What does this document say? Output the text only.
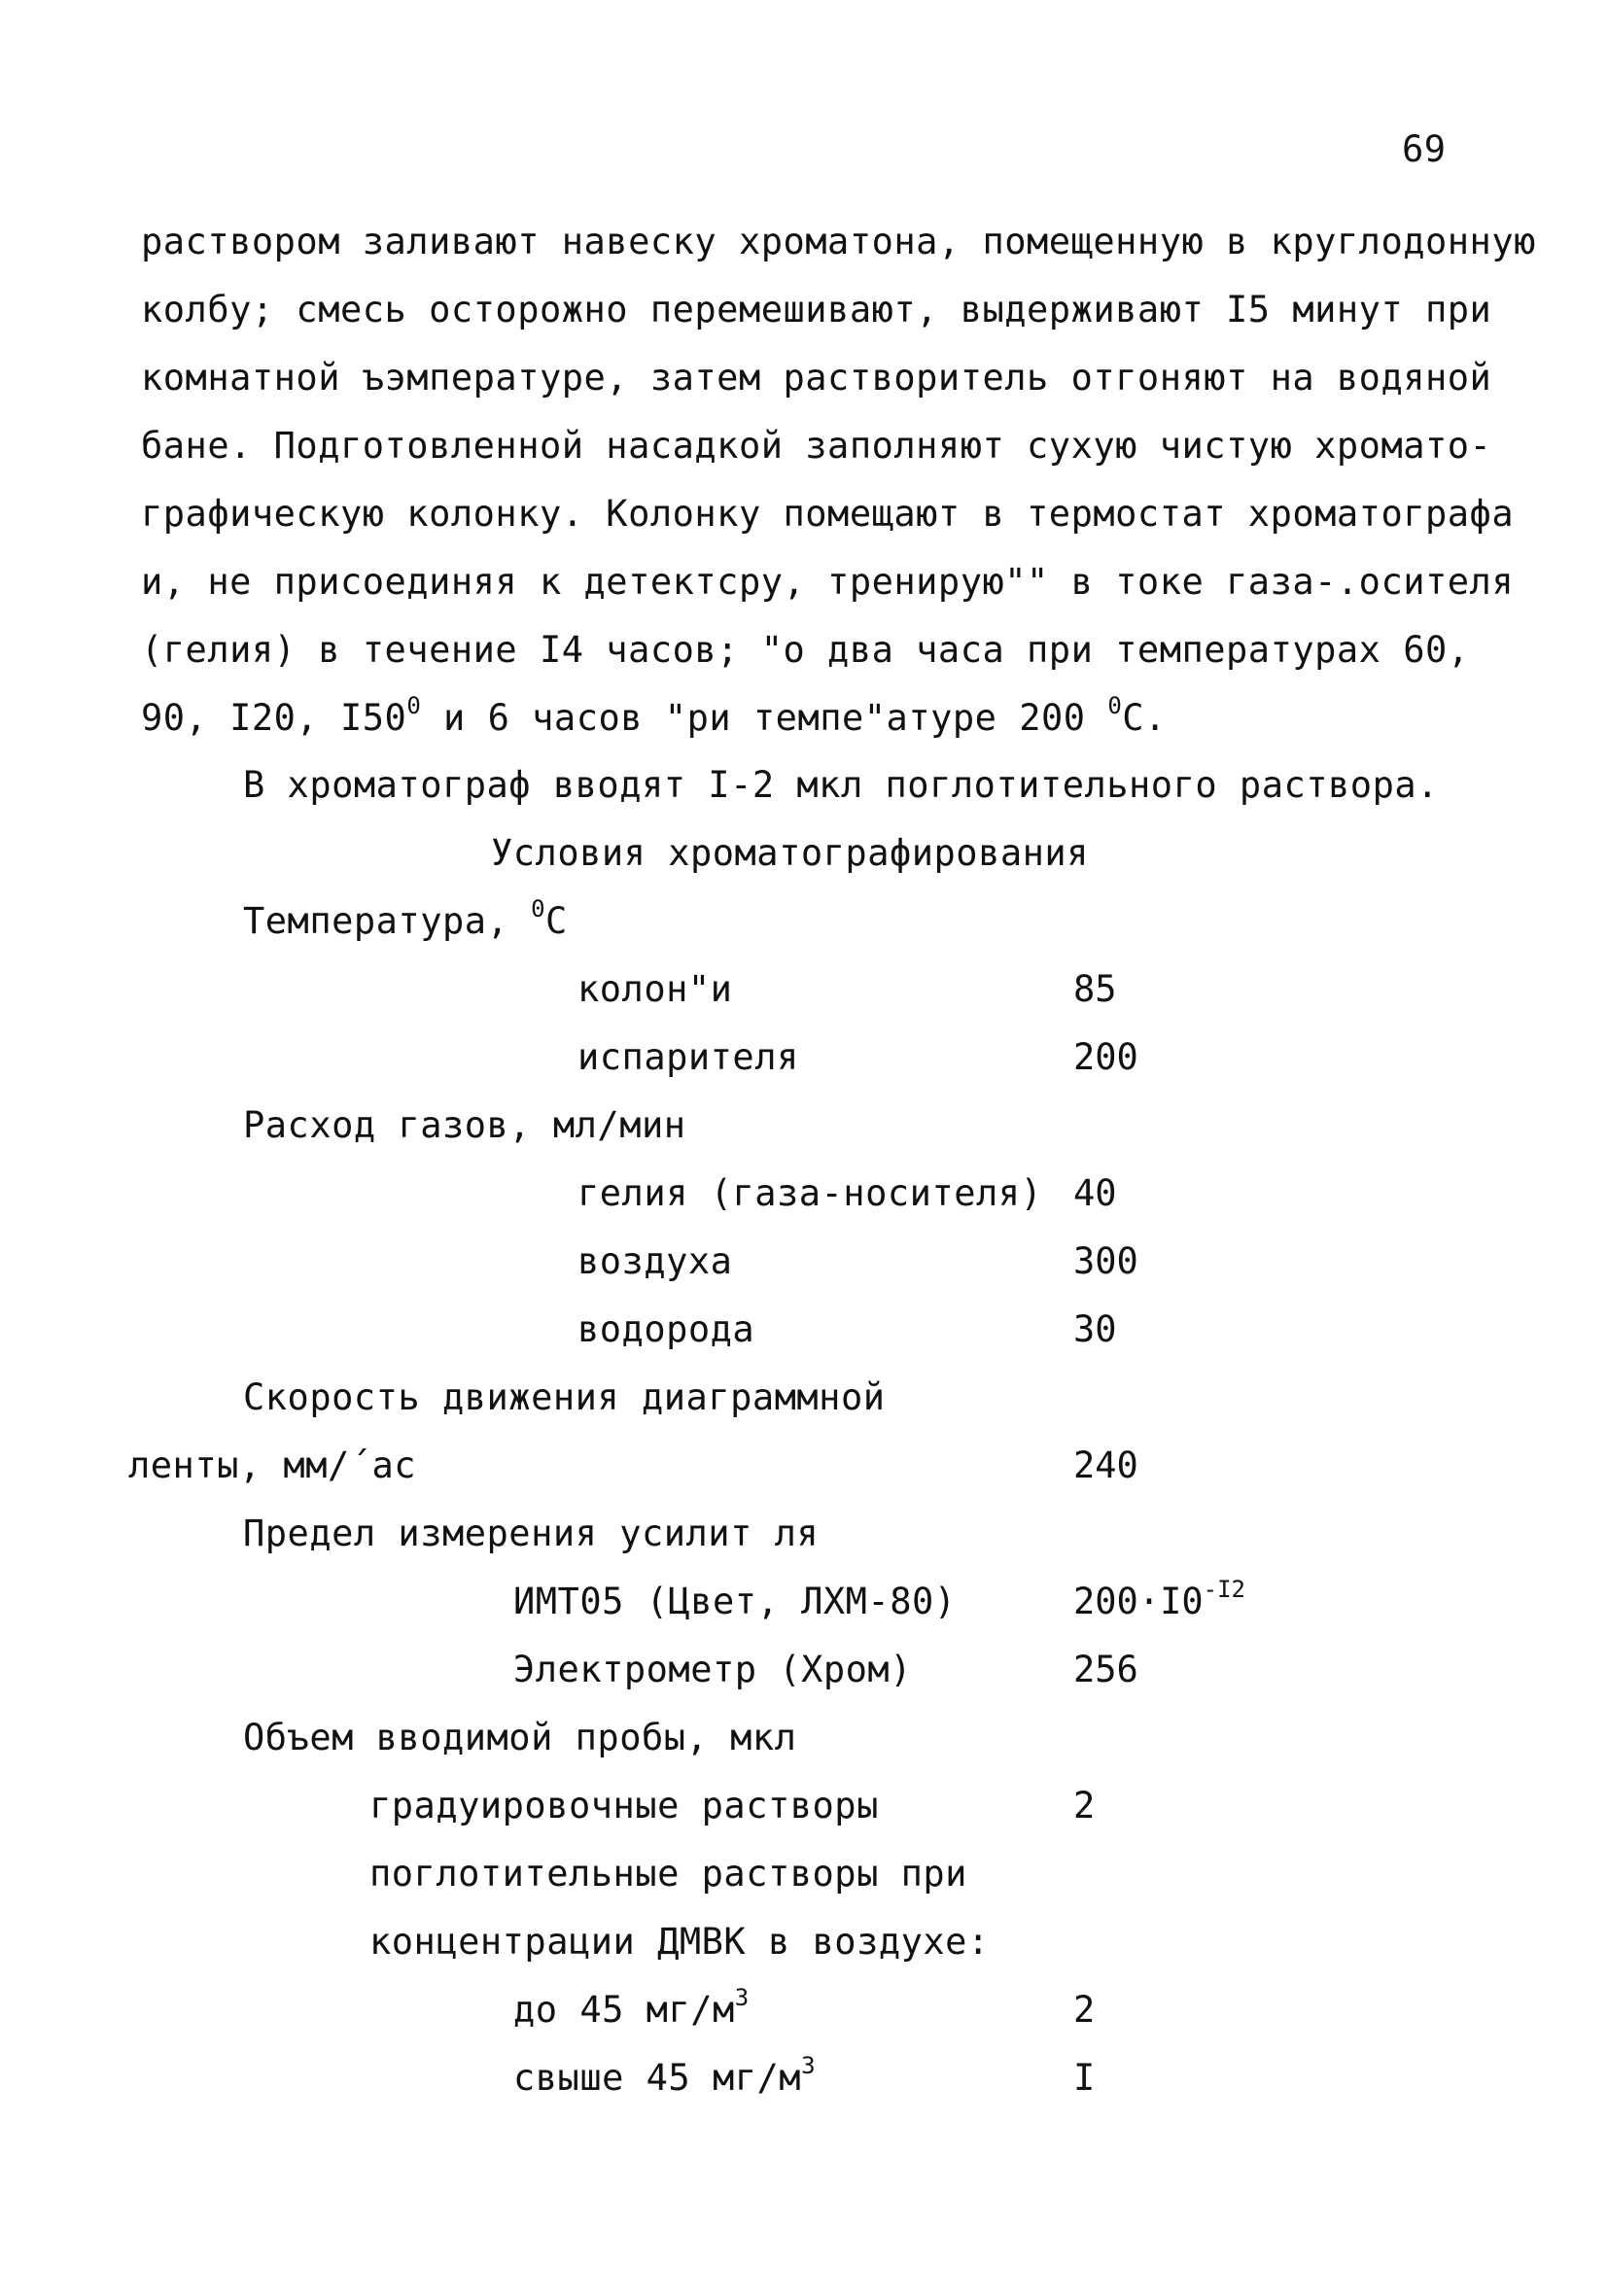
69
раствором заливают навеску хроматона, помещенную в круглодонную
колбу; смесь осторожно перемешивают, выдерживают I5 минут при
комнатной ъэмпературе, затем растворитель отгоняют на водяной
бане. Подготовленной насадкой заполняют сухую чистую хромато-
графическую колонку. Колонку помещают в термостат хроматографа
и, не присоединяя к детектсру, тренирую"" в токе газа-.осителя
(гелия) в течение I4 часов; "о два часа при температурах 60,
90, I20, $I50^0$ и 6 часов "ри темпе"атуре 200 $^0$С.
В хроматограф вводят I-2 мкл поглотительного раствора.
Условия хроматографирования
Температура, $^0$С
колон"и	85
испарителя	200
Расход газов, мл/мин
гелия (газа-носителя) 40
воздуха	300
водорода	30
Скорость движения диаграммной
ленты, мм/´ас	240
Предел измерения усилит ля
ИМТ05 (Цвет, ЛХМ-80)	$200\cdot I0^{-I2}$
Электрометр (Хром)	256
Объем вводимой пробы, мкл
градуировочные растворы	2
поглотительные растворы при
концентрации ДМВК в воздухе:
до 45 $мг/м^3$	2
свыше 45 $мг/м^3$	I
